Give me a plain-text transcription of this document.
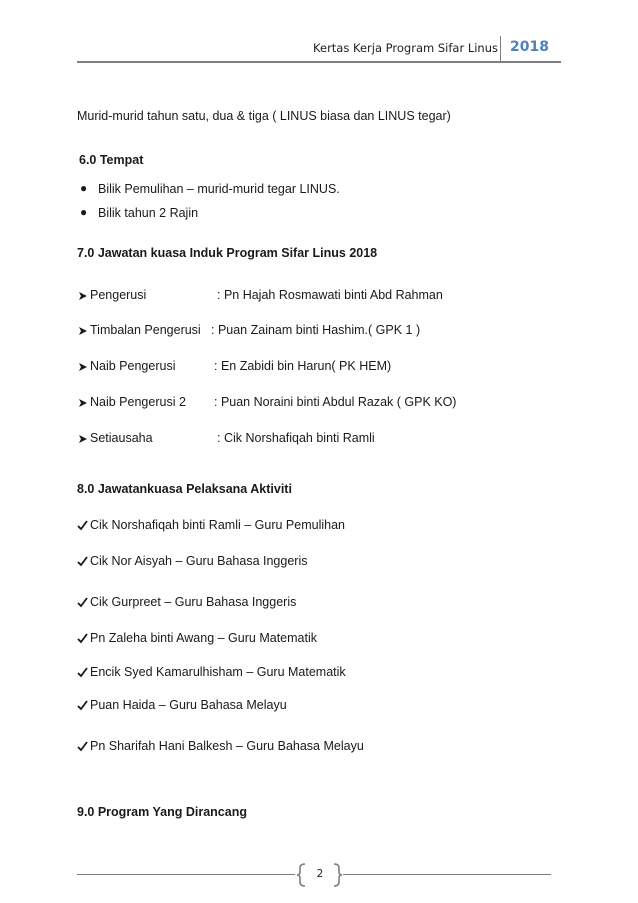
Kertas Kerja Program Sifar Linus 2018
Murid-murid tahun satu, dua & tiga ( LINUS biasa dan LINUS tegar)
6.0 Tempat
● Bilik Pemulihan – murid-murid tegar LINUS.
● Bilik tahun 2 Rajin
7.0 Jawatan kuasa Induk Program Sifar Linus 2018
Pengerusi	: Pn Hajah Rosmawati binti Abd Rahman
Timbalan Pengerusi : Puan Zainam binti Hashim.( GPK 1 )
Naib Pengerusi	: En Zabidi bin Harun( PK HEM)
Naib Pengerusi 2 : Puan Noraini binti Abdul Razak ( GPK KO)
Setiausaha	: Cik Norshafiqah binti Ramli
8.0 Jawatankuasa Pelaksana Aktiviti
Cik Norshafiqah binti Ramli – Guru Pemulihan
Cik Nor Aisyah – Guru Bahasa Inggeris
Cik Gurpreet – Guru Bahasa Inggeris
Pn Zaleha binti Awang – Guru Matematik
Encik Syed Kamarulhisham – Guru Matematik
Puan Haida – Guru Bahasa Melayu
Pn Sharifah Hani Balkesh – Guru Bahasa Melayu
9.0 Program Yang Dirancang
2
